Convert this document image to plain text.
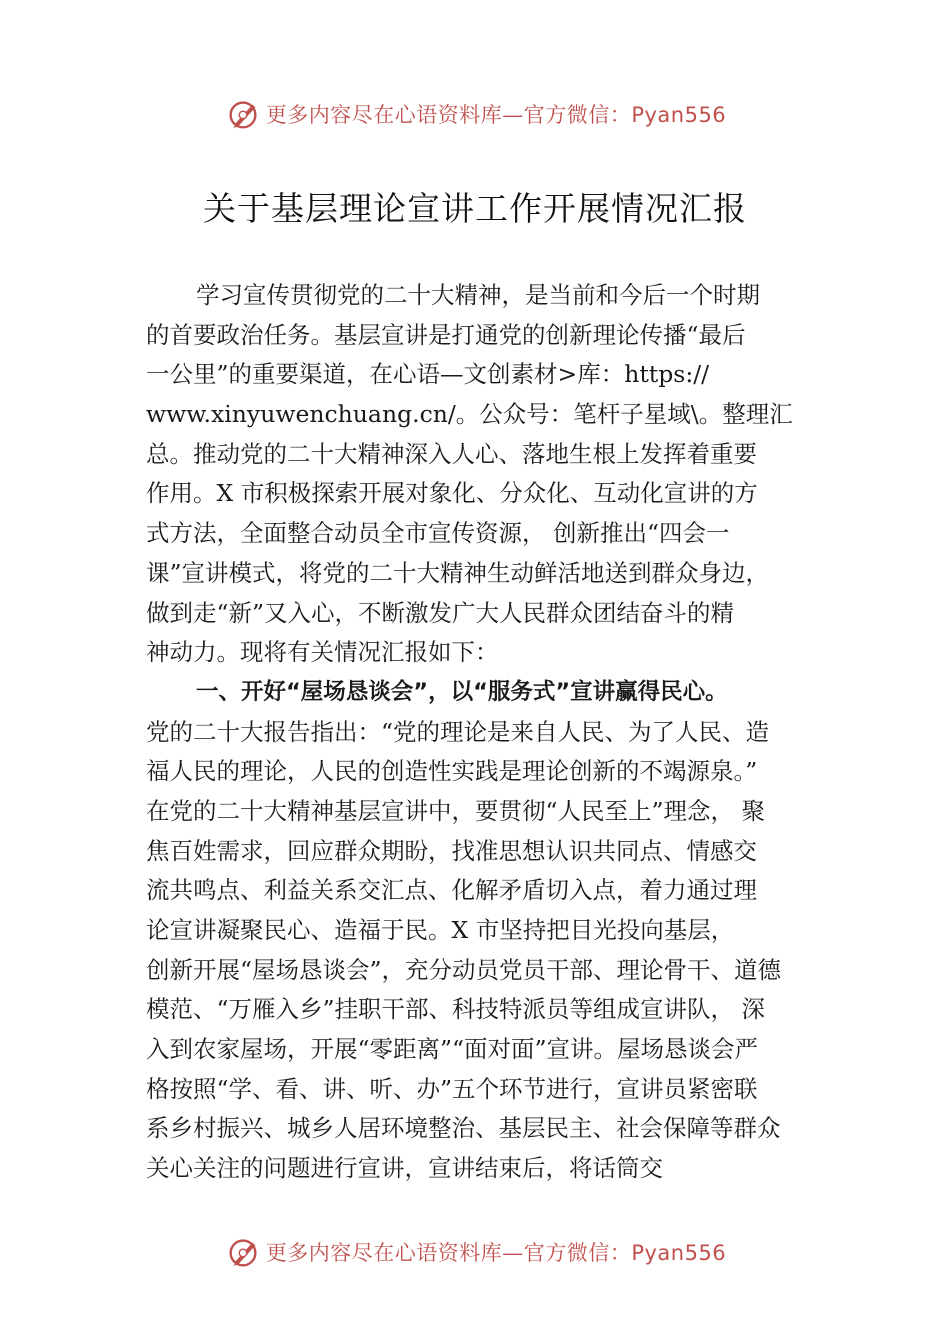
更多内容尽在心语资料库—官方微信：Pyan556
关于基层理论宣讲工作开展情况汇报
学习宣传贯彻党的二十大精神，是当前和今后一个时期
的首要政治任务。基层宣讲是打通党的创新理论传播“最后
一公里”的重要渠道，在心语—文创素材>库：https://
www.xinyuwenchuang.cn/。公众号：笔杆子星域\。整理汇
总。推动党的二十大精神深入人心、落地生根上发挥着重要
作用。X 市积极探索开展对象化、分众化、互动化宣讲的方
式方法，全面整合动员全市宣传资源， 创新推出“四会一
课”宣讲模式，将党的二十大精神生动鲜活地送到群众身边，
做到走“新”又入心，不断激发广大人民群众团结奋斗的精
神动力。现将有关情况汇报如下：
一、开好“屋场恳谈会”，以“服务式”宣讲赢得民心。
党的二十大报告指出：“党的理论是来自人民、为了人民、造
福人民的理论，人民的创造性实践是理论创新的不竭源泉。”
在党的二十大精神基层宣讲中，要贯彻“人民至上”理念， 聚
焦百姓需求，回应群众期盼，找准思想认识共同点、情感交
流共鸣点、利益关系交汇点、化解矛盾切入点，着力通过理
论宣讲凝聚民心、造福于民。X 市坚持把目光投向基层，
创新开展“屋场恳谈会”，充分动员党员干部、理论骨干、道德
模范、“万雁入乡”挂职干部、科技特派员等组成宣讲队， 深
入到农家屋场，开展“零距离”“面对面”宣讲。屋场恳谈会严
格按照“学、看、讲、听、办”五个环节进行，宣讲员紧密联
系乡村振兴、城乡人居环境整治、基层民主、社会保障等群众
关心关注的问题进行宣讲，宣讲结束后，将话筒交
更多内容尽在心语资料库—官方微信：Pyan556
